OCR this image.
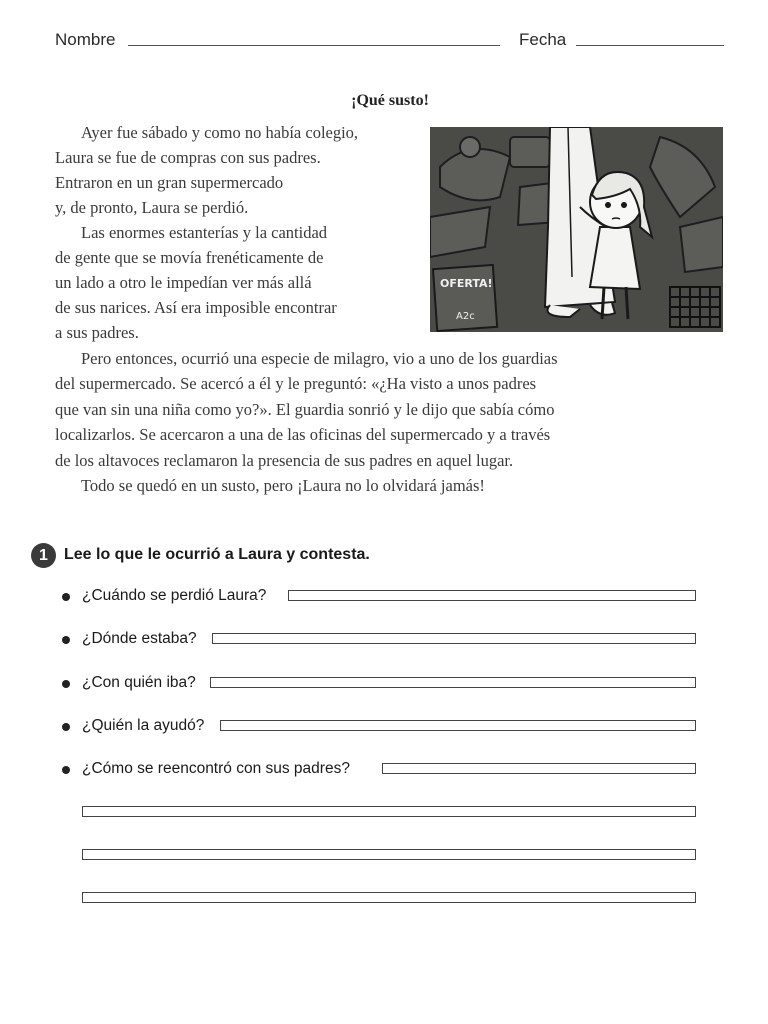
Nombre	Fecha
¡Qué susto!
Ayer fue sábado y como no había colegio,
Laura se fue de compras con sus padres.
Entraron en un gran supermercado
y, de pronto, Laura se perdió.
Las enormes estanterías y la cantidad
de gente que se movía frenéticamente de
un lado a otro le impedían ver más allá
de sus narices. Así era imposible encontrar
a sus padres.
Pero entonces, ocurrió una especie de milagro, vio a uno de los guardias
del supermercado. Se acercó a él y le preguntó: «¿Ha visto a unos padres
que van sin una niña como yo?». El guardia sonrió y le dijo que sabía cómo
localizarlos. Se acercaron a una de las oficinas del supermercado y a través
de los altavoces reclamaron la presencia de sus padres en aquel lugar.
Todo se quedó en un susto, pero ¡Laura no lo olvidará jamás!
OFERTA!
A2c
1	Lee lo que le ocurrió a Laura y contesta.
¿Cuándo se perdió Laura?
¿Dónde estaba?
¿Con quién iba?
¿Quién la ayudó?
¿Cómo se reencontró con sus padres?
